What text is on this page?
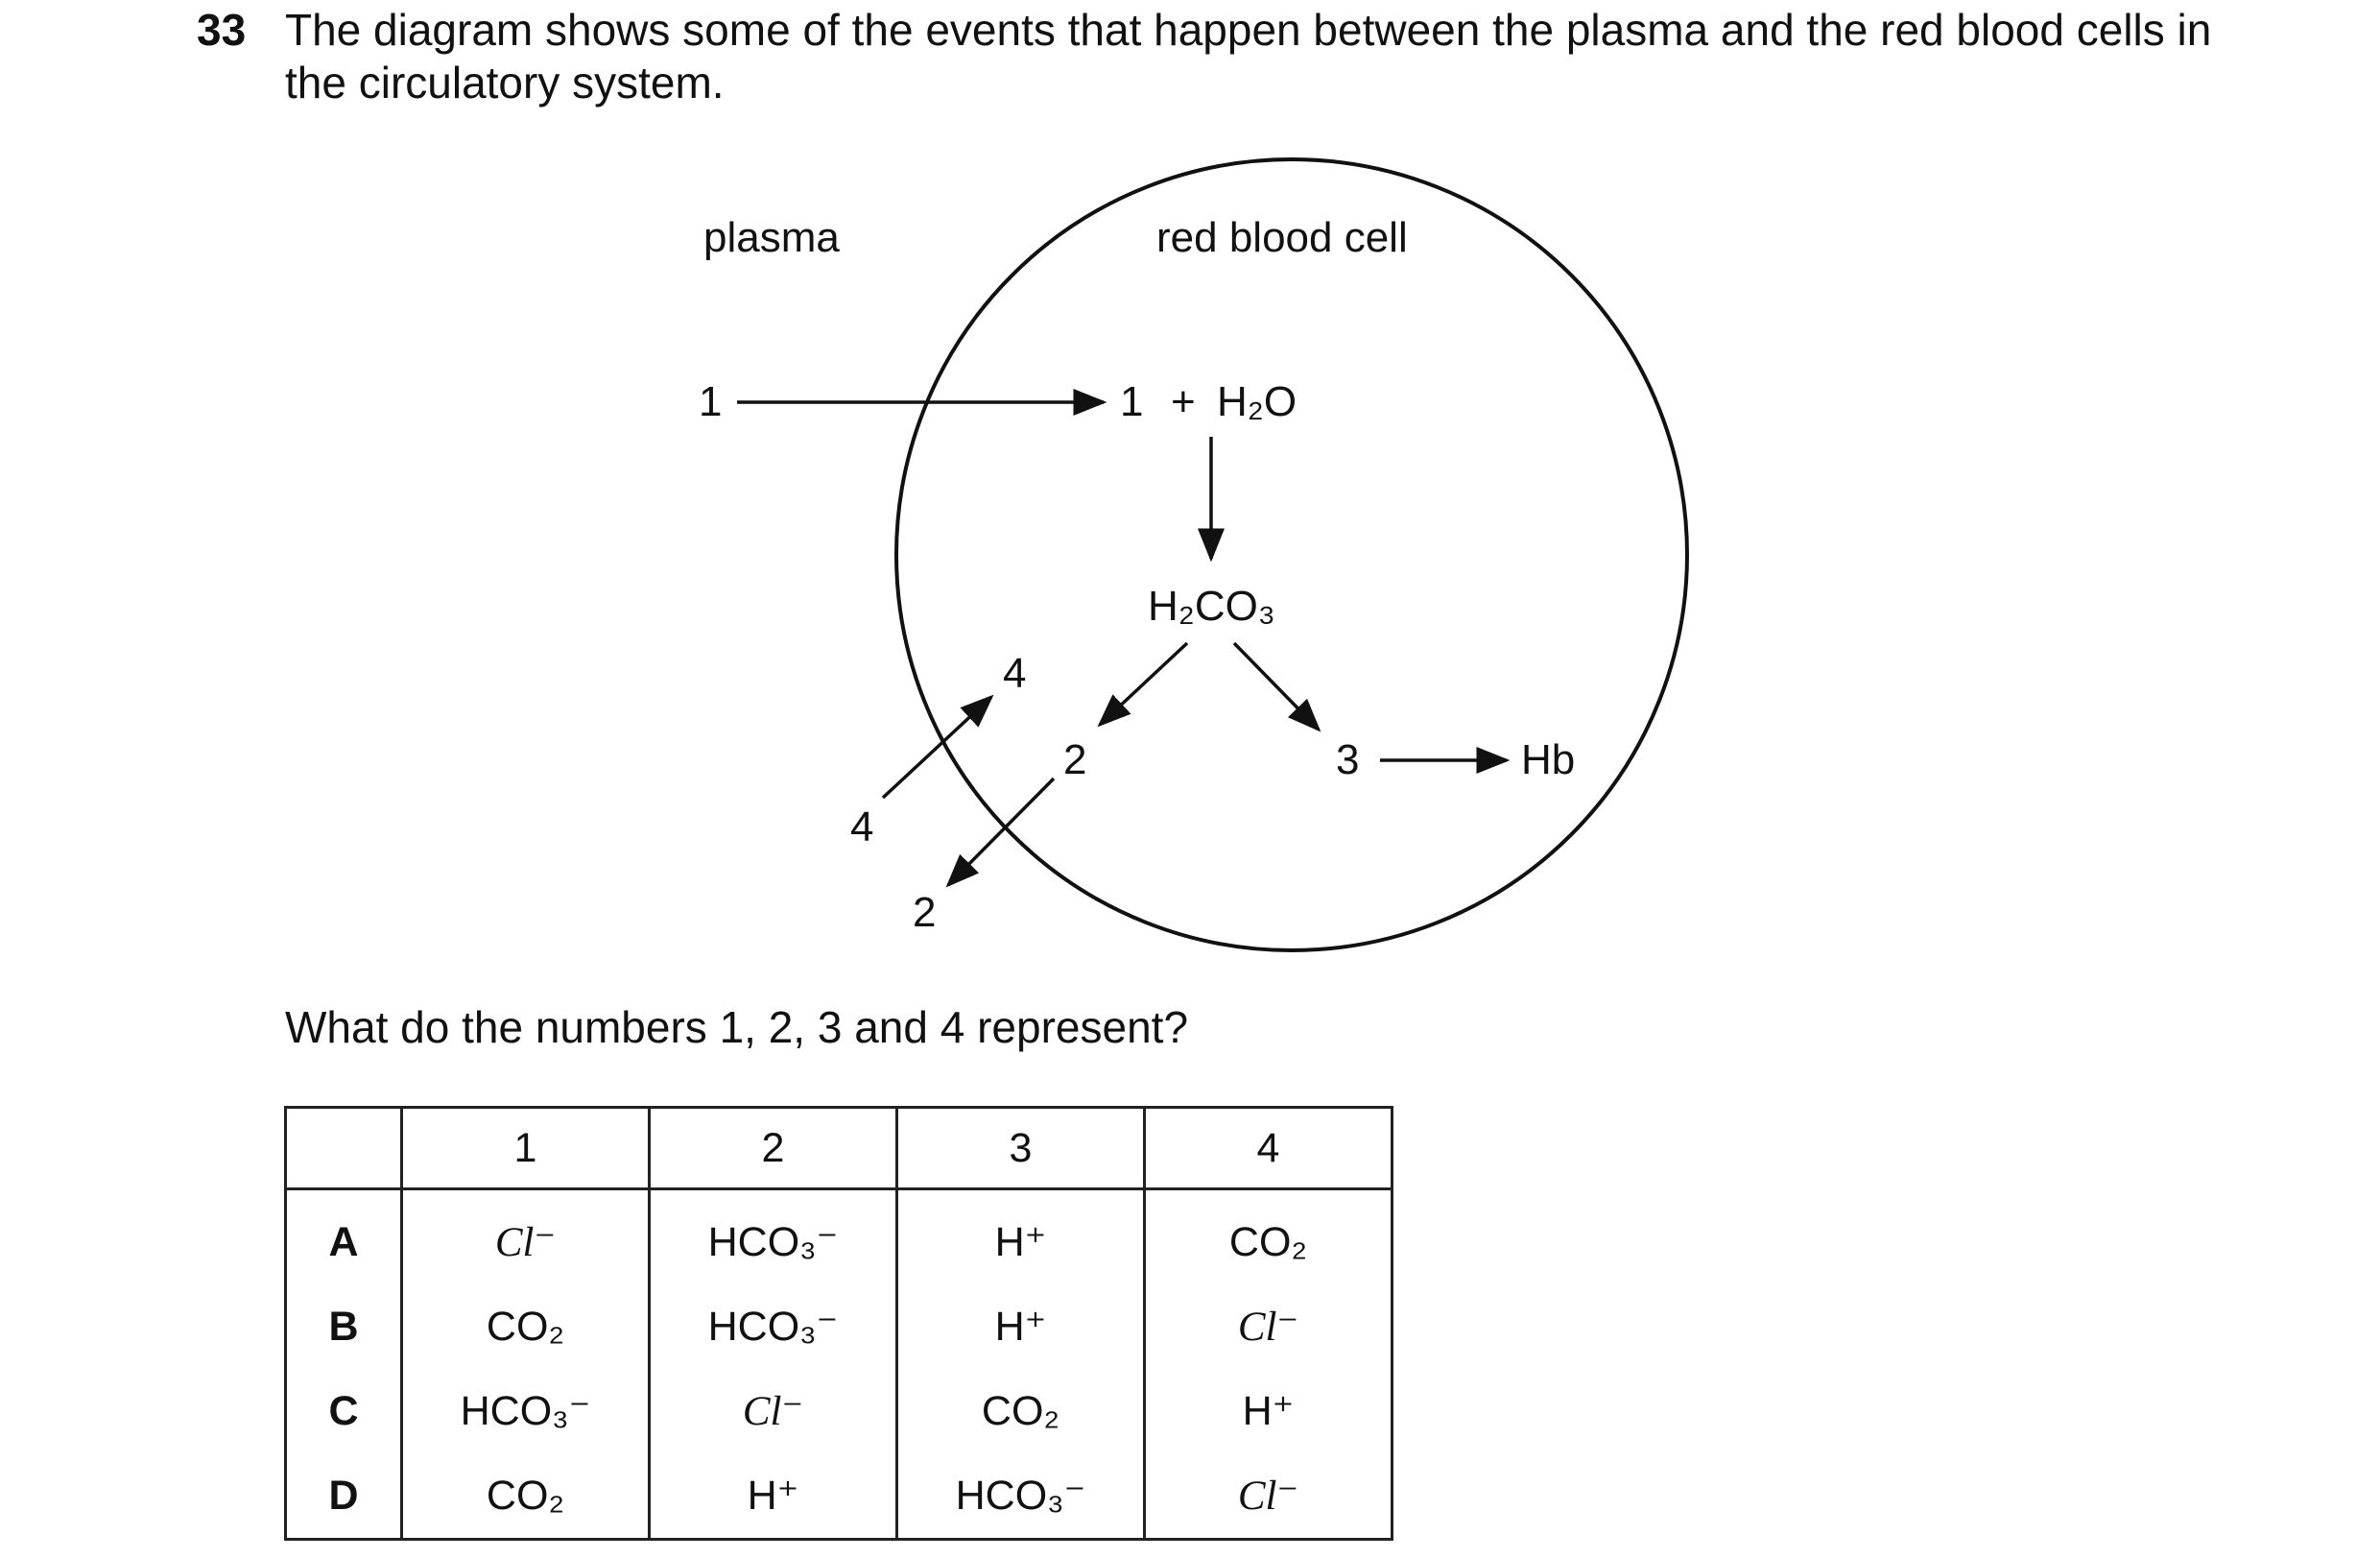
33 The diagram shows some of the events that happen between the plasma and the red blood cells in the circulatory system.
plasma	red blood cell
1	1 + H₂O
H₂CO₃
2	3	Hb
4
4
2
What do the numbers 1, 2, 3 and 4 represent?
	1	2	3	4
A	Cl⁻	HCO₃⁻	H⁺	CO₂
B	CO₂	HCO₃⁻	H⁺	Cl⁻
C	HCO₃⁻	Cl⁻	CO₂	H⁺
D	CO₂	H⁺	HCO₃⁻	Cl⁻
